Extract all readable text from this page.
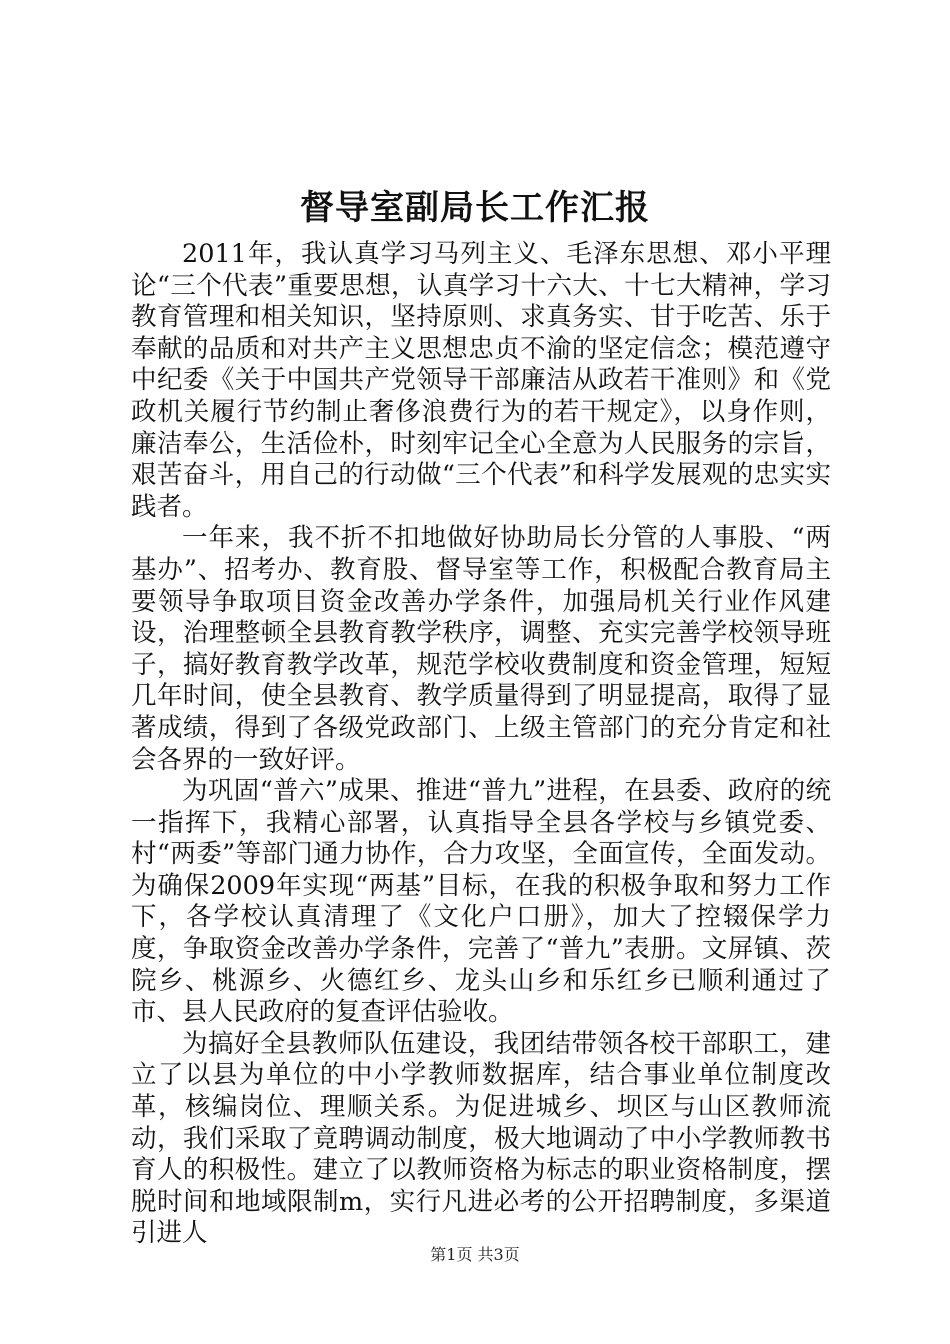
督导室副局长工作汇报

2011年，我认真学习马列主义、毛泽东思想、邓小平理论“三个代表”重要思想，认真学习十六大、十七大精神，学习教育管理和相关知识，坚持原则、求真务实、甘于吃苦、乐于奉献的品质和对共产主义思想忠贞不渝的坚定信念；模范遵守中纪委《关于中国共产党领导干部廉洁从政若干准则》和《党政机关履行节约制止奢侈浪费行为的若干规定》，以身作则，廉洁奉公，生活俭朴，时刻牢记全心全意为人民服务的宗旨，艰苦奋斗，用自己的行动做“三个代表”和科学发展观的忠实实践者。

一年来，我不折不扣地做好协助局长分管的人事股、“两基办”、招考办、教育股、督导室等工作，积极配合教育局主要领导争取项目资金改善办学条件，加强局机关行业作风建设，治理整顿全县教育教学秩序，调整、充实完善学校领导班子，搞好教育教学改革，规范学校收费制度和资金管理，短短几年时间，使全县教育、教学质量得到了明显提高，取得了显著成绩，得到了各级党政部门、上级主管部门的充分肯定和社会各界的一致好评。

为巩固“普六”成果、推进“普九”进程，在县委、政府的统一指挥下，我精心部署，认真指导全县各学校与乡镇党委、村“两委”等部门通力协作，合力攻坚，全面宣传，全面发动。为确保2009年实现“两基”目标，在我的积极争取和努力工作下，各学校认真清理了《文化户口册》，加大了控辍保学力度，争取资金改善办学条件，完善了“普九”表册。文屏镇、茨院乡、桃源乡、火德红乡、龙头山乡和乐红乡已顺利通过了市、县人民政府的复查评估验收。

为搞好全县教师队伍建设，我团结带领各校干部职工，建立了以县为单位的中小学教师数据库，结合事业单位制度改革，核编岗位、理顺关系。为促进城乡、坝区与山区教师流动，我们采取了竟聘调动制度，极大地调动了中小学教师教书育人的积极性。建立了以教师资格为标志的职业资格制度，摆脱时间和地域限制m，实行凡进必考的公开招聘制度，多渠道引进人

第1页 共3页
